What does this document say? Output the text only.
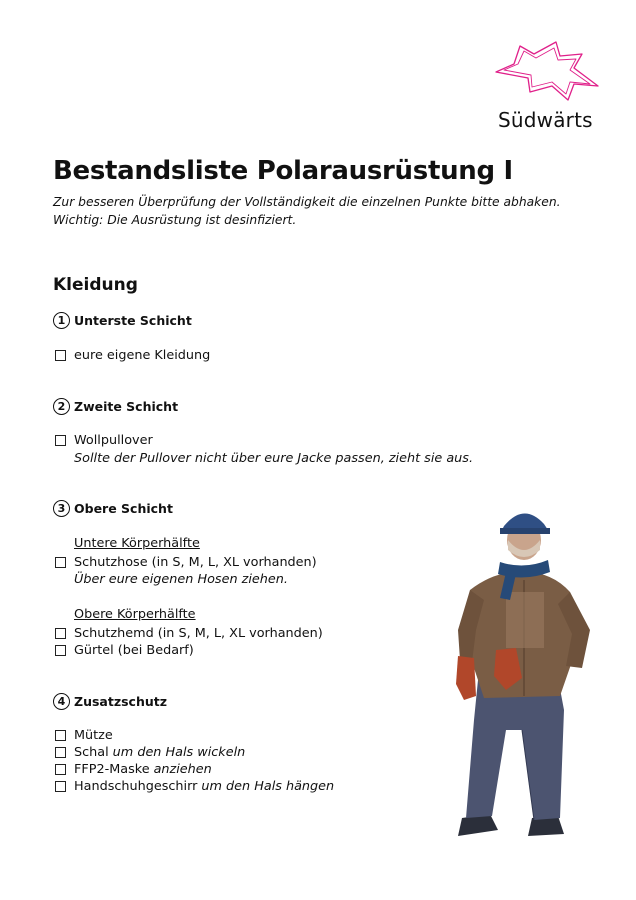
Südwärts
Bestandsliste Polarausrüstung I
Zur besseren Überprüfung der Vollständigkeit die einzelnen Punkte bitte abhaken.
Wichtig: Die Ausrüstung ist desinfiziert.
Kleidung
1 Unterste Schicht
eure eigene Kleidung
2 Zweite Schicht
Wollpullover
Sollte der Pullover nicht über eure Jacke passen, zieht sie aus.
3 Obere Schicht
Untere Körperhälfte
Schutzhose (in S, M, L, XL vorhanden)
Über eure eigenen Hosen ziehen.
Obere Körperhälfte
Schutzhemd (in S, M, L, XL vorhanden)
Gürtel (bei Bedarf)
4 Zusatzschutz
Mütze
Schal um den Hals wickeln
FFP2-Maske anziehen
Handschuhgeschirr um den Hals hängen
